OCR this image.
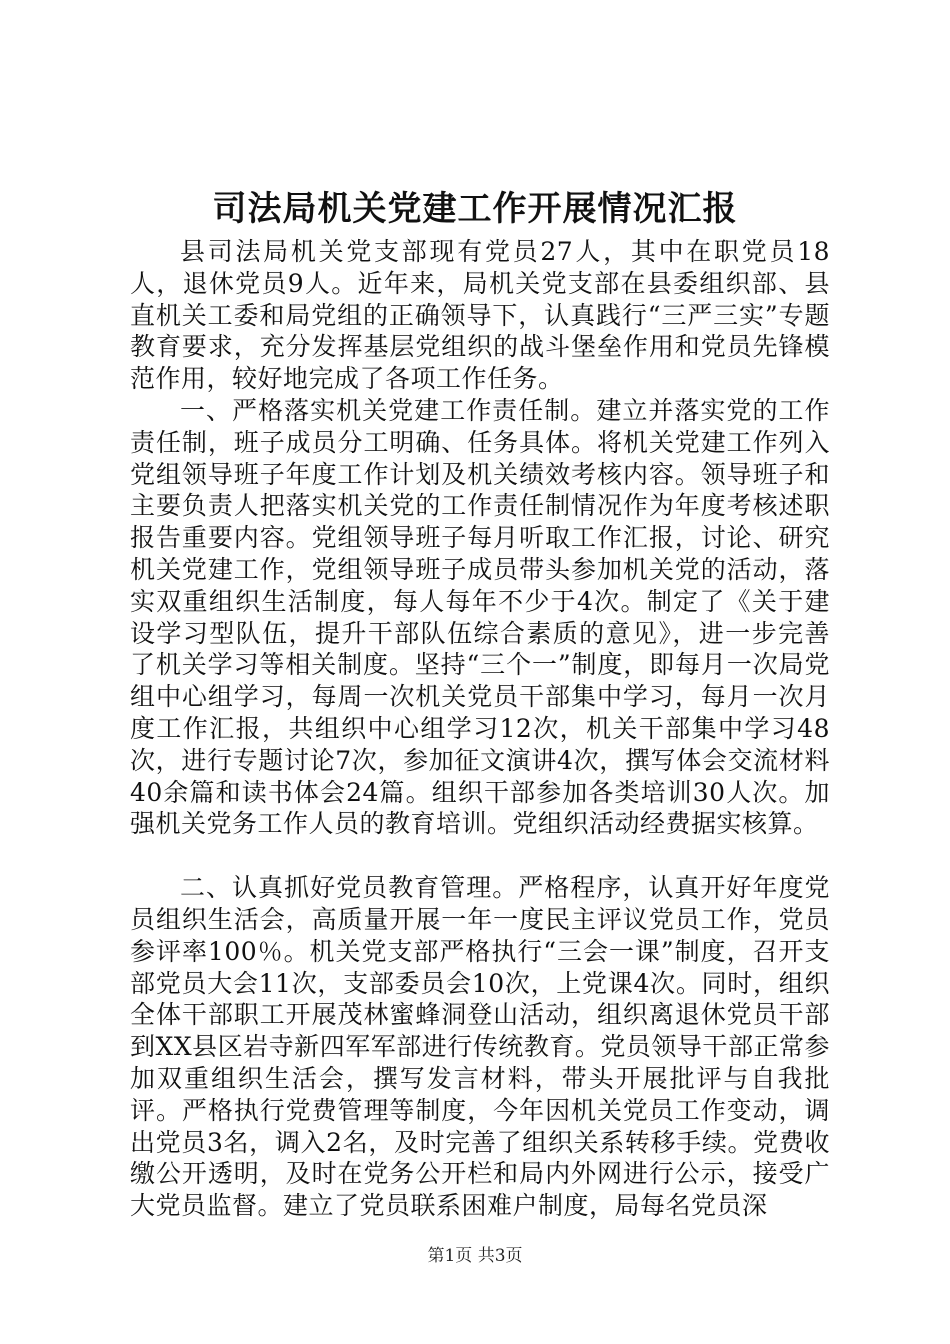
司法局机关党建工作开展情况汇报

县司法局机关党支部现有党员27人，其中在职党员18人，退休党员9人。近年来，局机关党支部在县委组织部、县直机关工委和局党组的正确领导下，认真践行“三严三实”专题教育要求，充分发挥基层党组织的战斗堡垒作用和党员先锋模范作用，较好地完成了各项工作任务。

一、严格落实机关党建工作责任制。建立并落实党的工作责任制，班子成员分工明确、任务具体。将机关党建工作列入党组领导班子年度工作计划及机关绩效考核内容。领导班子和主要负责人把落实机关党的工作责任制情况作为年度考核述职报告重要内容。党组领导班子每月听取工作汇报，讨论、研究机关党建工作，党组领导班子成员带头参加机关党的活动，落实双重组织生活制度，每人每年不少于4次。制定了《关于建设学习型队伍，提升干部队伍综合素质的意见》，进一步完善了机关学习等相关制度。坚持“三个一”制度，即每月一次局党组中心组学习，每周一次机关党员干部集中学习，每月一次月度工作汇报，共组织中心组学习12次，机关干部集中学习48次，进行专题讨论7次，参加征文演讲4次，撰写体会交流材料40余篇和读书体会24篇。组织干部参加各类培训30人次。加强机关党务工作人员的教育培训。党组织活动经费据实核算。

二、认真抓好党员教育管理。严格程序，认真开好年度党员组织生活会，高质量开展一年一度民主评议党员工作，党员参评率100％。机关党支部严格执行“三会一课”制度，召开支部党员大会11次，支部委员会10次，上党课4次。同时，组织全体干部职工开展茂林蜜蜂洞登山活动，组织离退休党员干部到XX县区岩寺新四军军部进行传统教育。党员领导干部正常参加双重组织生活会，撰写发言材料，带头开展批评与自我批评。严格执行党费管理等制度，今年因机关党员工作变动，调出党员3名，调入2名，及时完善了组织关系转移手续。党费收缴公开透明，及时在党务公开栏和局内外网进行公示，接受广大党员监督。建立了党员联系困难户制度，局每名党员深

第1页 共3页
